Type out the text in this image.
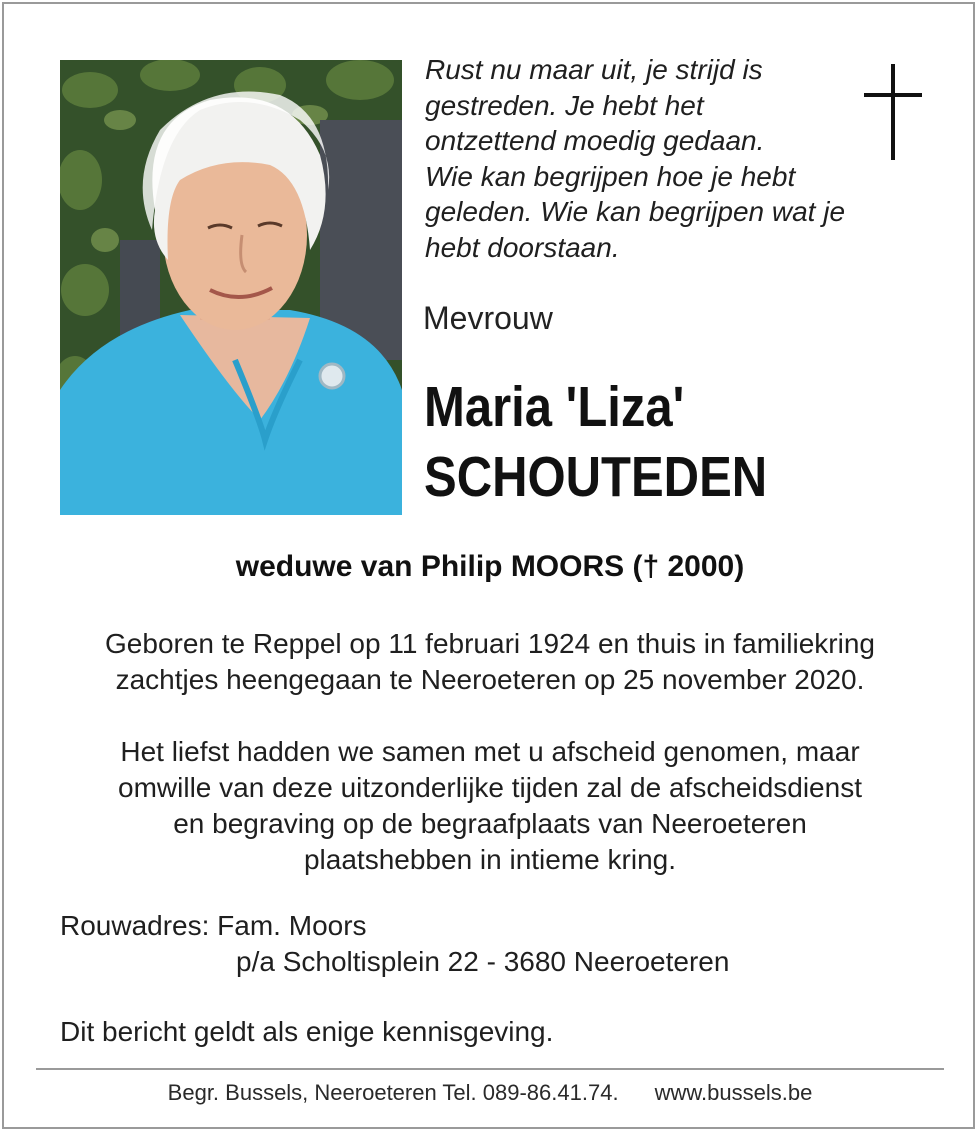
Rust nu maar uit, je strijd is
gestreden. Je hebt het
ontzettend moedig gedaan.
Wie kan begrijpen hoe je hebt
geleden. Wie kan begrijpen wat je
hebt doorstaan.
Mevrouw
Maria 'Liza'
SCHOUTEDEN
weduwe van Philip MOORS († 2000)
Geboren te Reppel op 11 februari 1924 en thuis in familiekring
zachtjes heengegaan te Neeroeteren op 25 november 2020.
Het liefst hadden we samen met u afscheid genomen, maar
omwille van deze uitzonderlijke tijden zal de afscheidsdienst
en begraving op de begraafplaats van Neeroeteren
plaatshebben in intieme kring.
Rouwadres: Fam. Moors
p/a Scholtisplein 22 - 3680 Neeroeteren
Dit bericht geldt als enige kennisgeving.
Begr. Bussels, Neeroeteren Tel. 089-86.41.74. www.bussels.be
